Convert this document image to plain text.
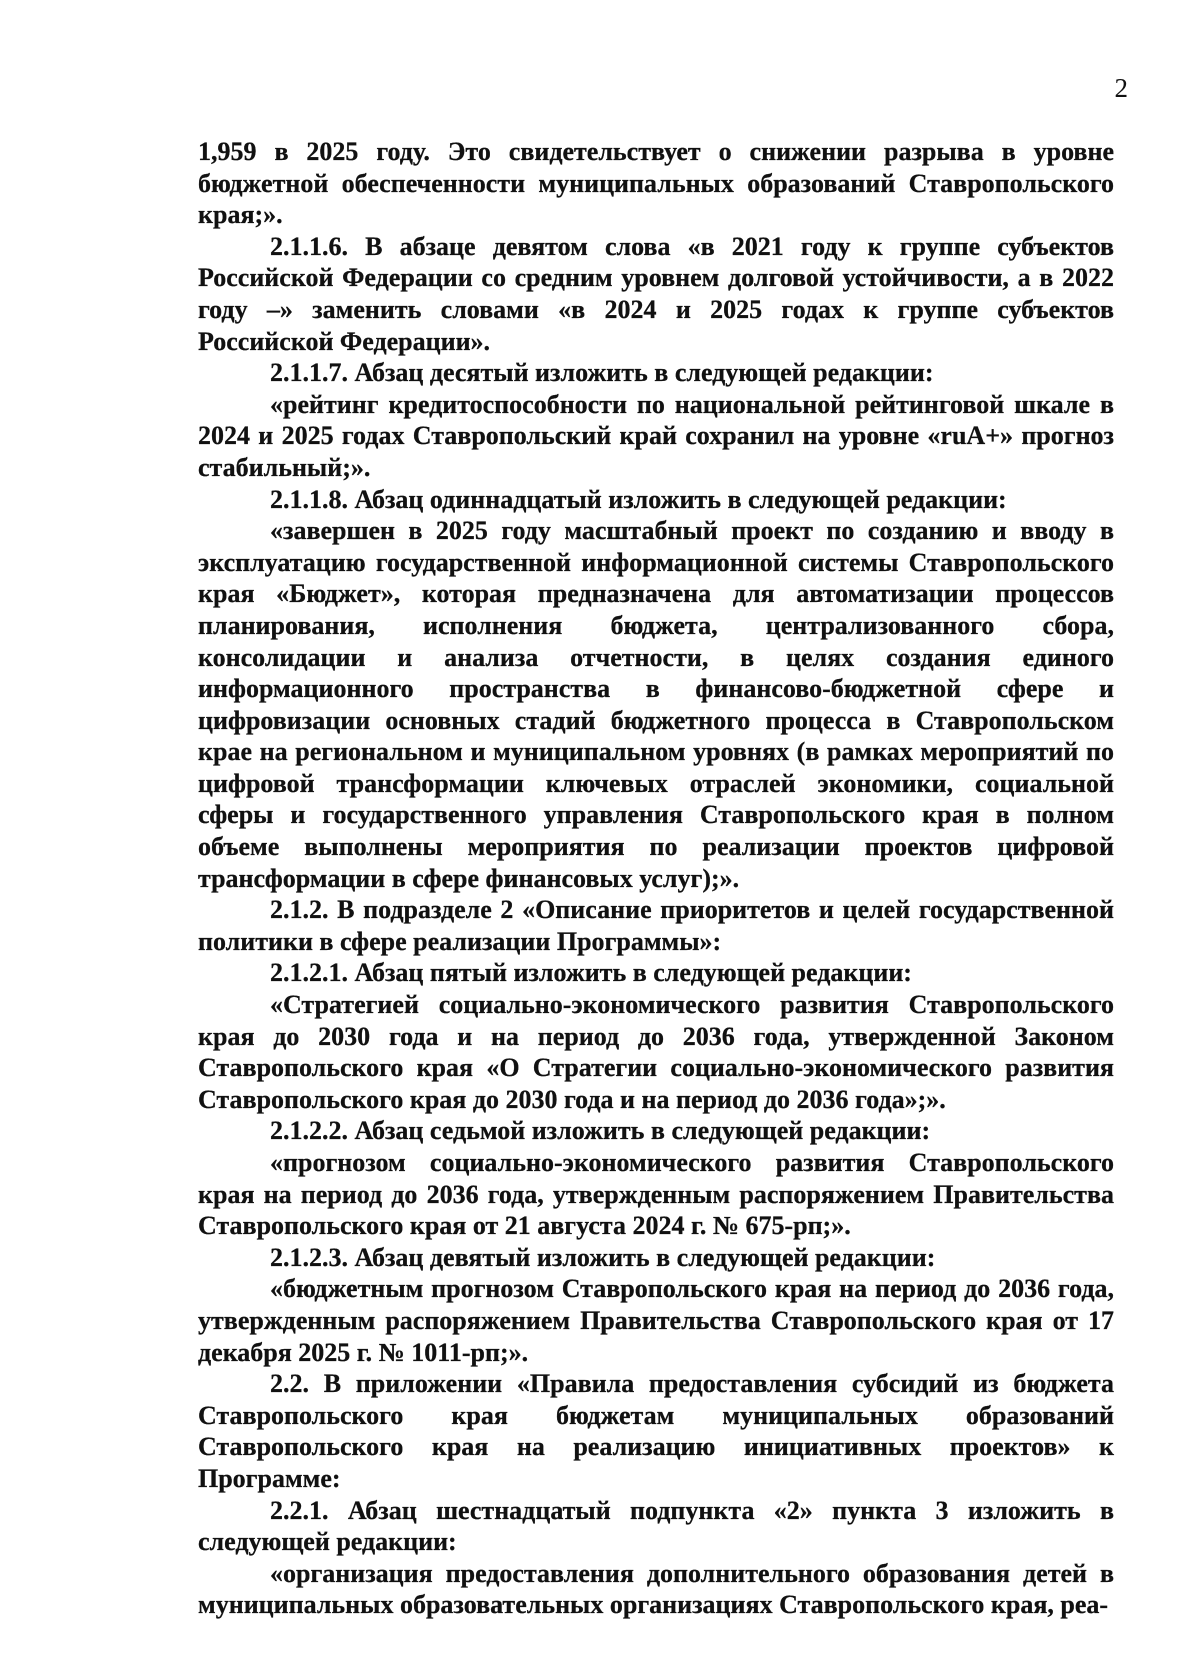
2

1,959 в 2025 году. Это свидетельствует о снижении разрыва в уровне бюджетной обеспеченности муниципальных образований Ставропольского края;».

2.1.1.6. В абзаце девятом слова «в 2021 году к группе субъектов Российской Федерации со средним уровнем долговой устойчивости, а в 2022 году –» заменить словами «в 2024 и 2025 годах к группе субъектов Российской Федерации».

2.1.1.7. Абзац десятый изложить в следующей редакции:

«рейтинг кредитоспособности по национальной рейтинговой шкале в 2024 и 2025 годах Ставропольский край сохранил на уровне «ruA+» прогноз стабильный;».

2.1.1.8. Абзац одиннадцатый изложить в следующей редакции:

«завершен в 2025 году масштабный проект по созданию и вводу в эксплуатацию государственной информационной системы Ставропольского края «Бюджет», которая предназначена для автоматизации процессов планирования, исполнения бюджета, централизованного сбора, консолидации и анализа отчетности, в целях создания единого информационного пространства в финансово-бюджетной сфере и цифровизации основных стадий бюджетного процесса в Ставропольском крае на региональном и муниципальном уровнях (в рамках мероприятий по цифровой трансформации ключевых отраслей экономики, социальной сферы и государственного управления Ставропольского края в полном объеме выполнены мероприятия по реализации проектов цифровой трансформации в сфере финансовых услуг);».

2.1.2. В подразделе 2 «Описание приоритетов и целей государственной политики в сфере реализации Программы»:

2.1.2.1. Абзац пятый изложить в следующей редакции:

«Стратегией социально-экономического развития Ставропольского края до 2030 года и на период до 2036 года, утвержденной Законом Ставропольского края «О Стратегии социально-экономического развития Ставропольского края до 2030 года и на период до 2036 года»;».

2.1.2.2. Абзац седьмой изложить в следующей редакции:

«прогнозом социально-экономического развития Ставропольского края на период до 2036 года, утвержденным распоряжением Правительства Ставропольского края от 21 августа 2024 г. № 675-рп;».

2.1.2.3. Абзац девятый изложить в следующей редакции:

«бюджетным прогнозом Ставропольского края на период до 2036 года, утвержденным распоряжением Правительства Ставропольского края от 17 декабря 2025 г. № 1011-рп;».

2.2. В приложении «Правила предоставления субсидий из бюджета Ставропольского края бюджетам муниципальных образований Ставропольского края на реализацию инициативных проектов» к Программе:

2.2.1. Абзац шестнадцатый подпункта «2» пункта 3 изложить в следующей редакции:

«организация предоставления дополнительного образования детей в муниципальных образовательных организациях Ставропольского края, реа-
